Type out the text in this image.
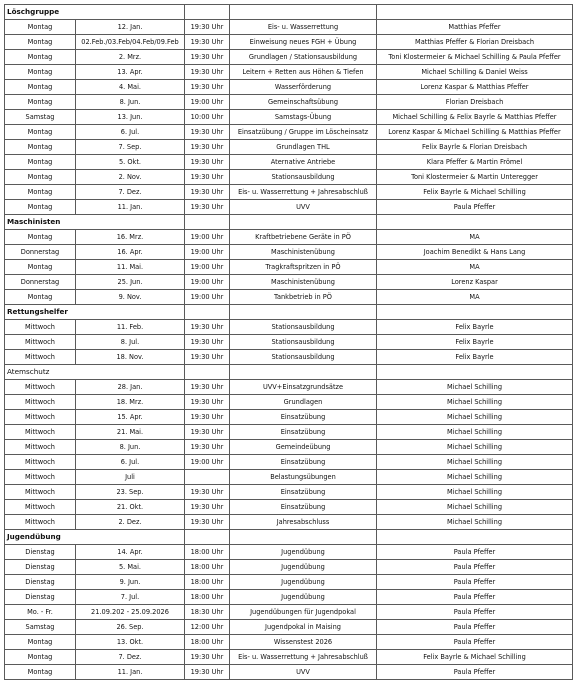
Löschgruppe				
Montag	12. Jan.	19:30 Uhr	Eis- u. Wasserrettung	Matthias Pfeffer
Montag	02.Feb./03.Feb/04.Feb/09.Feb	19:30 Uhr	Einweisung neues FGH + Übung	Matthias Pfeffer & Florian Dreisbach
Montag	2. Mrz.	19:30 Uhr	Grundlagen / Stationsausbildung	Toni Klostermeier & Michael Schilling & Paula Pfeffer
Montag	13. Apr.	19:30 Uhr	Leitern + Retten aus Höhen & Tiefen	Michael Schilling & Daniel Weiss
Montag	4. Mai.	19:30 Uhr	Wasserförderung	Lorenz Kaspar & Matthias Pfeffer
Montag	8. Jun.	19:00 Uhr	Gemeinschaftsübung	Florian Dreisbach
Samstag	13. Jun.	10:00 Uhr	Samstags-Übung	Michael Schilling & Felix Bayrle & Matthias Pfeffer
Montag	6. Jul.	19:30 Uhr	Einsatzübung / Gruppe im Löscheinsatz	Lorenz Kaspar & Michael Schilling & Matthias Pfeffer
Montag	7. Sep.	19:30 Uhr	Grundlagen THL	Felix Bayrle & Florian Dreisbach
Montag	5. Okt.	19:30 Uhr	Aternative Antriebe	Klara Pfeffer & Martin Frömel
Montag	2. Nov.	19:30 Uhr	Stationsausbildung	Toni Klostermeier & Martin Unteregger
Montag	7. Dez.	19:30 Uhr	Eis- u. Wasserrettung + Jahresabschluß	Felix Bayrle & Michael Schilling
Montag	11. Jan.	19:30 Uhr	UVV	Paula Pfeffer
Maschinisten				
Montag	16. Mrz.	19:00 Uhr	Kraftbetriebene Geräte in PÖ	MA
Donnerstag	16. Apr.	19:00 Uhr	Maschinistenübung	Joachim Benedikt & Hans Lang
Montag	11. Mai.	19:00 Uhr	Tragkraftspritzen in PÖ	MA
Donnerstag	25. Jun.	19:00 Uhr	Maschinistenübung	Lorenz Kaspar
Montag	9. Nov.	19:00 Uhr	Tankbetrieb in PÖ	MA
Rettungshelfer				
Mittwoch	11. Feb.	19:30 Uhr	Stationsausbildung	Felix Bayrle
Mittwoch	8. Jul.	19:30 Uhr	Stationsausbildung	Felix Bayrle
Mittwoch	18. Nov.	19:30 Uhr	Stationsausbildung	Felix Bayrle
Atemschutz				
Mittwoch	28. Jan.	19:30 Uhr	UVV+Einsatzgrundsätze	Michael Schilling
Mittwoch	18. Mrz.	19:30 Uhr	Grundlagen	Michael Schilling
Mittwoch	15. Apr.	19:30 Uhr	Einsatzübung	Michael Schilling
Mittwoch	21. Mai.	19:30 Uhr	Einsatzübung	Michael Schilling
Mittwoch	8. Jun.	19:30 Uhr	Gemeindeübung	Michael Schilling
Mittwoch	6. Jul.	19:00 Uhr	Einsatzübung	Michael Schilling
Mittwoch	Juli		Belastungsübungen	Michael Schilling
Mittwoch	23. Sep.	19:30 Uhr	Einsatzübung	Michael Schilling
Mittwoch	21. Okt.	19:30 Uhr	Einsatzübung	Michael Schilling
Mittwoch	2. Dez.	19:30 Uhr	Jahresabschluss	Michael Schilling
Jugendübung				
Dienstag	14. Apr.	18:00 Uhr	Jugendübung	Paula Pfeffer
Dienstag	5. Mai.	18:00 Uhr	Jugendübung	Paula Pfeffer
Dienstag	9. Jun.	18:00 Uhr	Jugendübung	Paula Pfeffer
Dienstag	7. Jul.	18:00 Uhr	Jugendübung	Paula Pfeffer
Mo. - Fr.	21.09.202 - 25.09.2026	18:30 Uhr	Jugendübungen für Jugendpokal	Paula Pfeffer
Samstag	26. Sep.	12:00 Uhr	Jugendpokal in Maising	Paula Pfeffer
Montag	13. Okt.	18:00 Uhr	Wissenstest 2026	Paula Pfeffer
Montag	7. Dez.	19:30 Uhr	Eis- u. Wasserrettung + Jahresabschluß	Felix Bayrle & Michael Schilling
Montag	11. Jan.	19:30 Uhr	UVV	Paula Pfeffer
